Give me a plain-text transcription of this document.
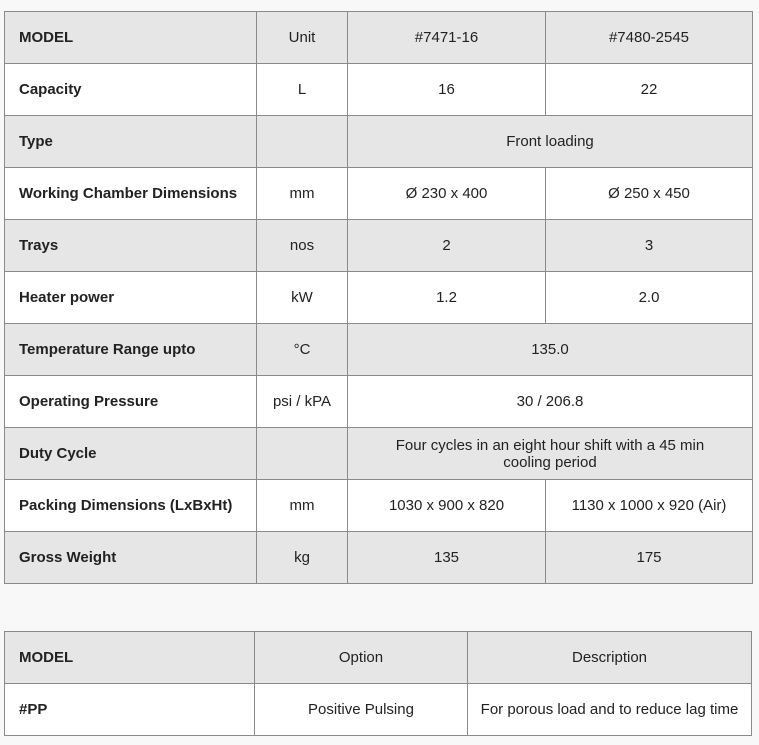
MODEL	Unit	#7471-16	#7480-2545
Capacity	L	16	22
Type		Front loading	
Working Chamber Dimensions	mm	Ø 230 x 400	Ø 250 x 450
Trays	nos	2	3
Heater power	kW	1.2	2.0
Temperature Range upto	°C	135.0	
Operating Pressure	psi / kPA	30 / 206.8	
Duty Cycle		Four cycles in an eight hour shift with a 45 min
cooling period	

Packing Dimensions (LxBxHt)	mm	1030 x 900 x 820	1130 x 1000 x 920 (Air)
Gross Weight	kg	135	175
MODEL	Option	Description
#PP	Positive Pulsing	For porous load and to reduce lag time
